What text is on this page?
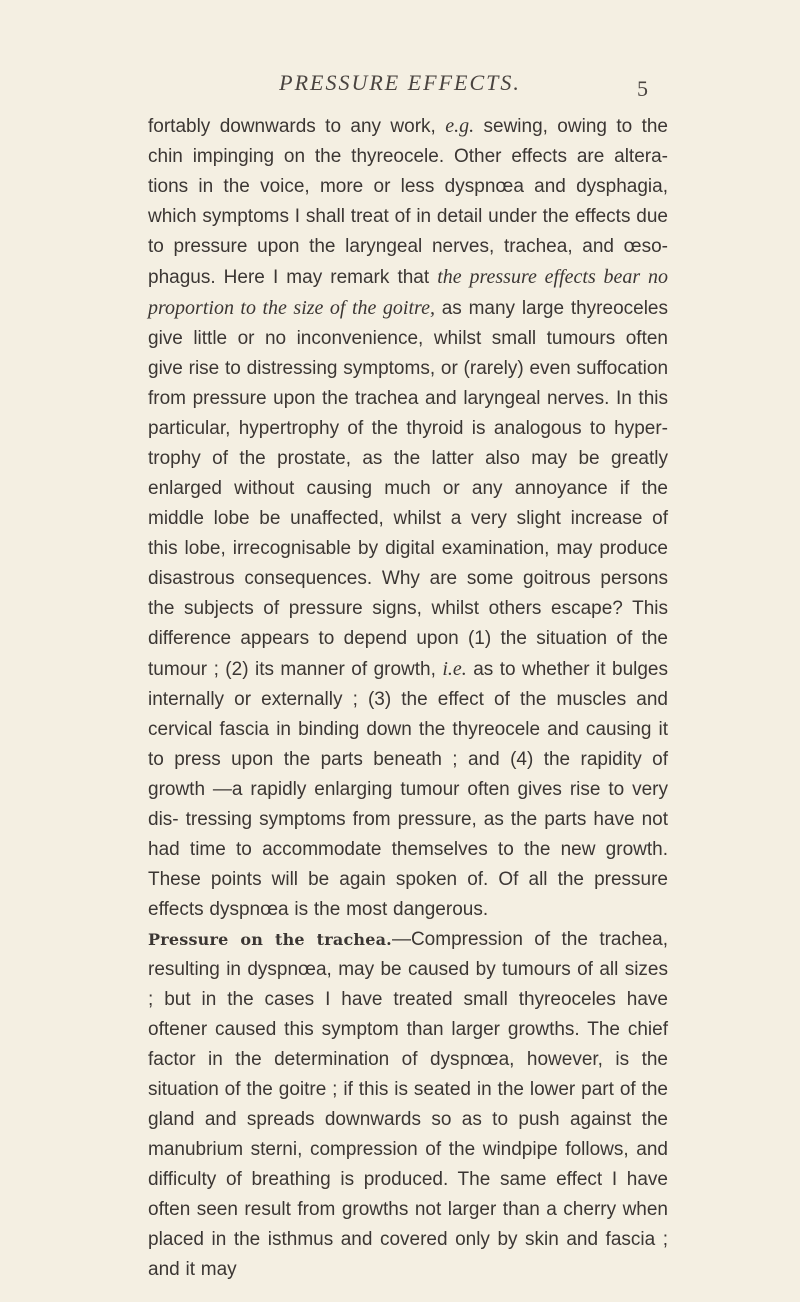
PRESSURE EFFECTS.	5

fortably downwards to any work, e.g. sewing, owing to the chin impinging on the thyreocele. Other effects are altera- tions in the voice, more or less dyspnœa and dysphagia, which symptoms I shall treat of in detail under the effects due to pressure upon the laryngeal nerves, trachea, and œso- phagus. Here I may remark that the pressure effects bear no proportion to the size of the goitre, as many large thyreoceles give little or no inconvenience, whilst small tumours often give rise to distressing symptoms, or (rarely) even suffocation from pressure upon the trachea and laryngeal nerves. In this particular, hypertrophy of the thyroid is analogous to hyper- trophy of the prostate, as the latter also may be greatly enlarged without causing much or any annoyance if the middle lobe be unaffected, whilst a very slight increase of this lobe, irrecognisable by digital examination, may produce disastrous consequences. Why are some goitrous persons the subjects of pressure signs, whilst others escape? This difference appears to depend upon (1) the situation of the tumour ; (2) its manner of growth, i.e. as to whether it bulges internally or externally ; (3) the effect of the muscles and cervical fascia in binding down the thyreocele and causing it to press upon the parts beneath ; and (4) the rapidity of growth —a rapidly enlarging tumour often gives rise to very dis- tressing symptoms from pressure, as the parts have not had time to accommodate themselves to the new growth. These points will be again spoken of. Of all the pressure effects dyspnœa is the most dangerous.

Pressure on the trachea.—Compression of the trachea, resulting in dyspnœa, may be caused by tumours of all sizes ; but in the cases I have treated small thyreoceles have oftener caused this symptom than larger growths. The chief factor in the determination of dyspnœa, however, is the situation of the goitre ; if this is seated in the lower part of the gland and spreads downwards so as to push against the manubrium sterni, compression of the windpipe follows, and difficulty of breathing is produced. The same effect I have often seen result from growths not larger than a cherry when placed in the isthmus and covered only by skin and fascia ; and it may
